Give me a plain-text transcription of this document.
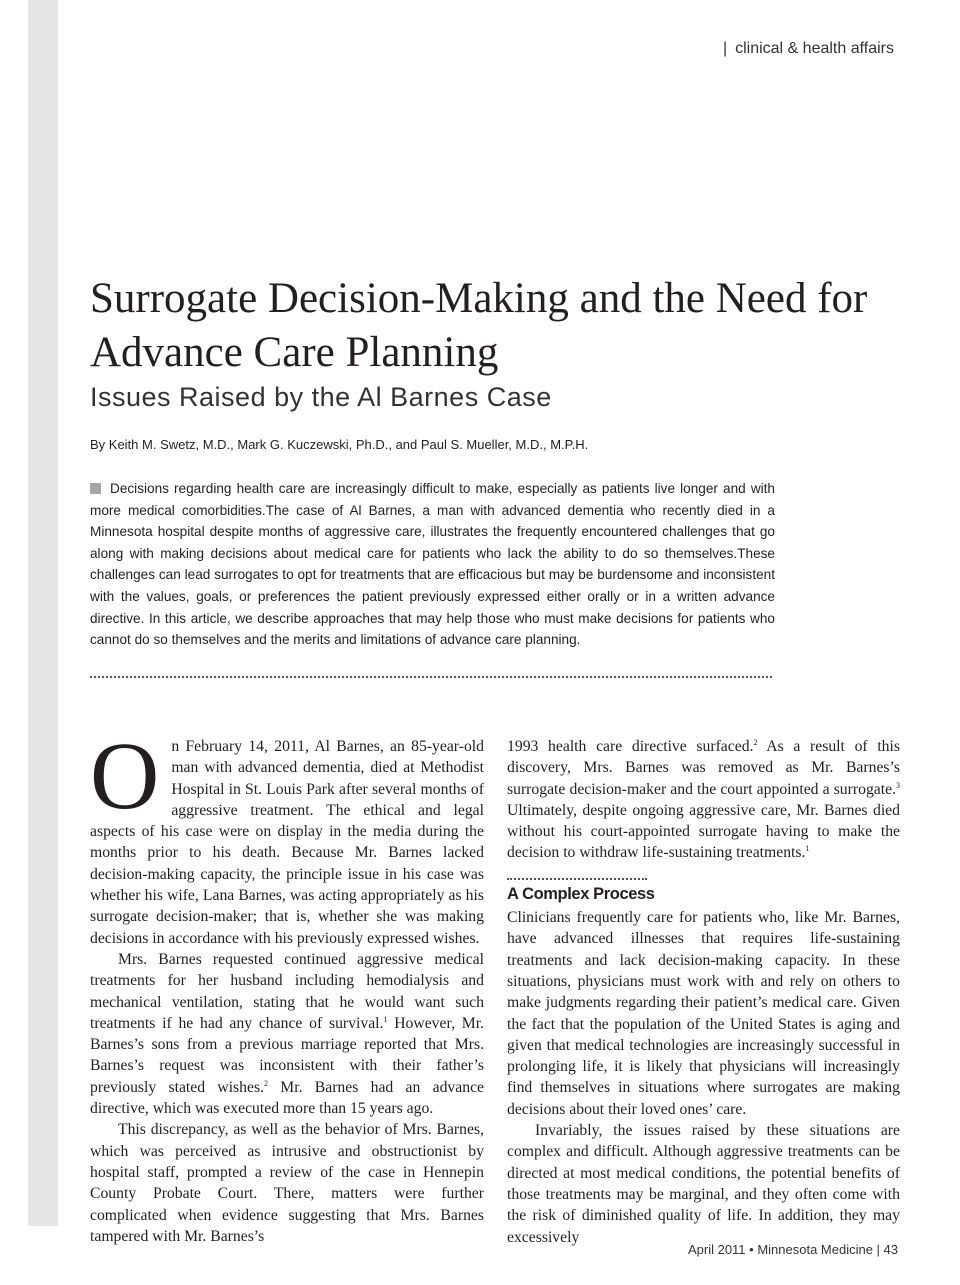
| clinical & health affairs
Surrogate Decision-Making and the Need for Advance Care Planning
Issues Raised by the Al Barnes Case
By Keith M. Swetz, M.D., Mark G. Kuczewski, Ph.D., and Paul S. Mueller, M.D., M.P.H.

Decisions regarding health care are increasingly difficult to make, especially as patients live longer and with more medical comorbidities.The case of Al Barnes, a man with advanced dementia who recently died in a Minnesota hospital despite months of aggressive care, illustrates the frequently encountered challenges that go along with making decisions about medical care for patients who lack the ability to do so themselves.These challenges can lead surrogates to opt for treatments that are efficacious but may be burdensome and inconsistent with the values, goals, or preferences the patient previously expressed either orally or in a written advance directive. In this article, we describe approaches that may help those who must make decisions for patients who cannot do so themselves and the merits and limitations of advance care planning.

On February 14, 2011, Al Barnes, an 85-year-old man with advanced dementia, died at Methodist Hospital in St. Louis Park after several months of aggressive treatment. The ethical and legal aspects of his case were on display in the media during the months prior to his death. Because Mr. Barnes lacked decision-making capacity, the principle issue in his case was whether his wife, Lana Barnes, was acting appropriately as his surrogate decision-maker; that is, whether she was making decisions in accordance with his previously expressed wishes.

Mrs. Barnes requested continued aggressive medical treatments for her husband including hemodialysis and mechanical ventilation, stating that he would want such treatments if he had any chance of survival.$^1$ However, Mr. Barnes’s sons from a previous marriage reported that Mrs. Barnes’s request was inconsistent with their father’s previously stated wishes.$^2$ Mr. Barnes had an advance directive, which was executed more than 15 years ago.

This discrepancy, as well as the behavior of Mrs. Barnes, which was perceived as intrusive and obstructionist by hospital staff, prompted a review of the case in Hennepin County Probate Court. There, matters were further complicated when evidence suggesting that Mrs. Barnes tampered with Mr. Barnes’s

1993 health care directive surfaced.$^2$ As a result of this discovery, Mrs. Barnes was removed as Mr. Barnes’s surrogate decision-maker and the court appointed a surrogate.$^3$ Ultimately, despite ongoing aggressive care, Mr. Barnes died without his court-appointed surrogate having to make the decision to withdraw life-sustaining treatments.$^1$

A Complex Process

Clinicians frequently care for patients who, like Mr. Barnes, have advanced illnesses that requires life-sustaining treatments and lack decision-making capacity. In these situations, physicians must work with and rely on others to make judgments regarding their patient’s medical care. Given the fact that the population of the United States is aging and given that medical technologies are increasingly successful in prolonging life, it is likely that physicians will increasingly find themselves in situations where surrogates are making decisions about their loved ones’ care.

Invariably, the issues raised by these situations are complex and difficult. Although aggressive treatments can be directed at most medical conditions, the potential benefits of those treatments may be marginal, and they often come with the risk of diminished quality of life. In addition, they may excessively

April 2011 • Minnesota Medicine | 43
